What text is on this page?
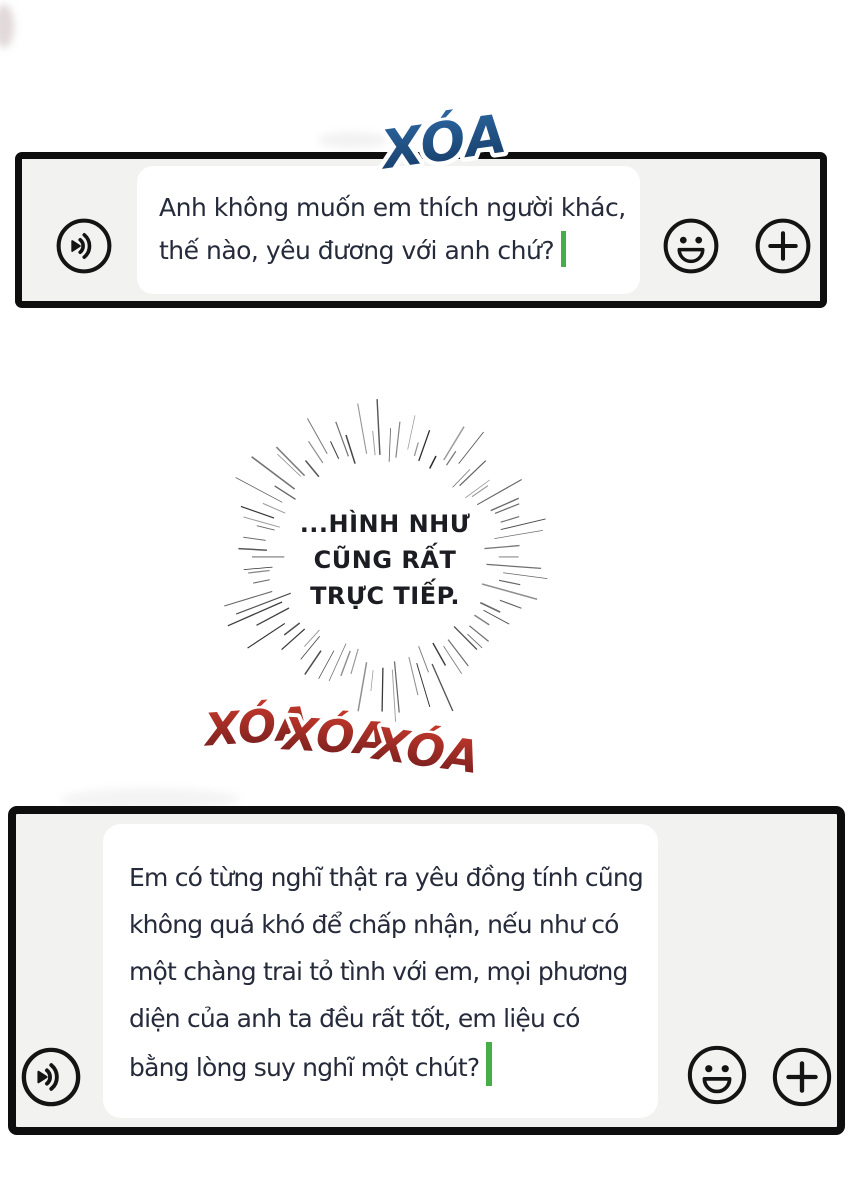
XÓA
Anh không muốn em thích người khác,
thế nào, yêu đương với anh chứ?
...HÌNH NHƯ
CŨNG RẤT
TRỰC TIẾP.
XÓA
XÓA
XÓA
Em có từng nghĩ thật ra yêu đồng tính cũng
không quá khó để chấp nhận, nếu như có
một chàng trai tỏ tình với em, mọi phương
diện của anh ta đều rất tốt, em liệu có
bằng lòng suy nghĩ một chút?
